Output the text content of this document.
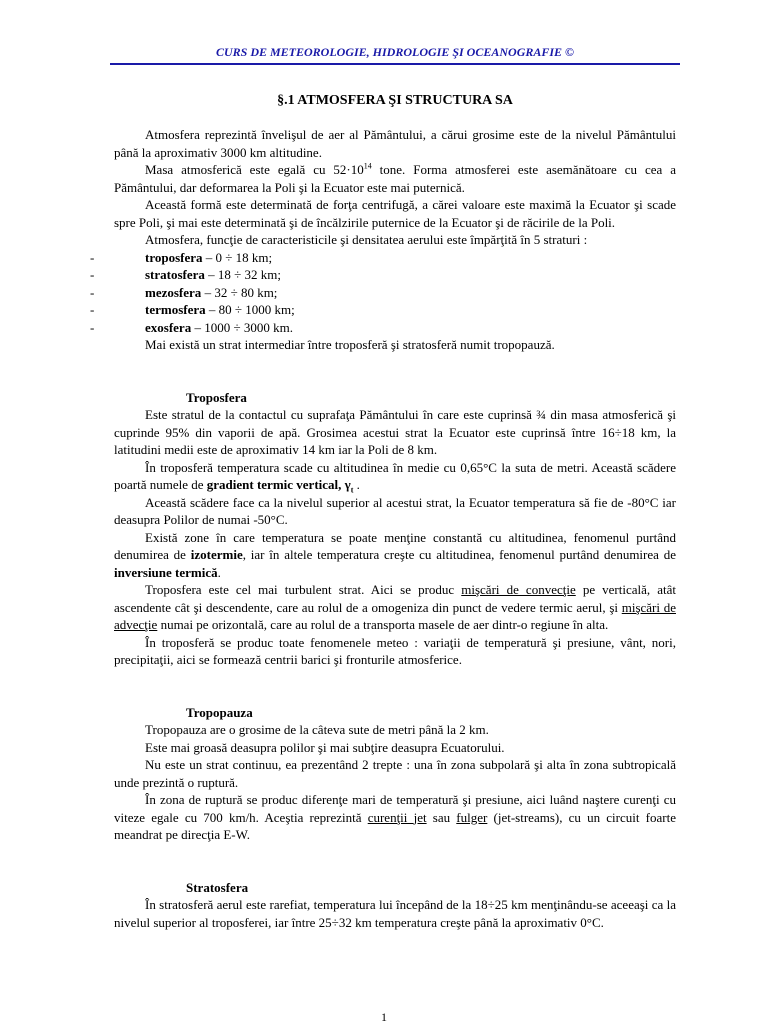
CURS DE METEOROLOGIE, HIDROLOGIE ŞI OCEANOGRAFIE ©
§.1 ATMOSFERA ŞI STRUCTURA SA

Atmosfera reprezintă învelişul de aer al Pământului, a cărui grosime este de la nivelul Pământului până la aproximativ 3000 km altitudine.

Masa atmosferică este egală cu $52\cdot 10^{14}$ tone. Forma atmosferei este asemănătoare cu cea a Pământului, dar deformarea la Poli şi la Ecuator este mai puternică.

Această formă este determinată de forţa centrifugă, a cărei valoare este maximă la Ecuator şi scade spre Poli, şi mai este determinată şi de încălzirile puternice de la Ecuator şi de răcirile de la Poli.

Atmosfera, funcţie de caracteristicile şi densitatea aerului este împărţită în 5 straturi :

-	troposfera – 0 ÷ 18 km;
-	stratosfera – 18 ÷ 32 km;
-	mezosfera – 32 ÷ 80 km;
-	termosfera – 80 ÷ 1000 km;
-	exosfera – 1000 ÷ 3000 km.

Mai există un strat intermediar între troposferă şi stratosferă numit tropopauză.

Troposfera

Este stratul de la contactul cu suprafaţa Pământului în care este cuprinsă ¾ din masa atmosferică şi cuprinde 95% din vaporii de apă. Grosimea acestui strat la Ecuator este cuprinsă între 16÷18 km, la latitudini medii este de aproximativ 14 km iar la Poli de 8 km.

În troposferă temperatura scade cu altitudinea în medie cu 0,65°C la suta de metri. Această scădere poartă numele de gradient termic vertical, $\gamma_t$ .

Această scădere face ca la nivelul superior al acestui strat, la Ecuator temperatura să fie de -80°C iar deasupra Polilor de numai -50°C.

Există zone în care temperatura se poate menţine constantă cu altitudinea, fenomenul purtând denumirea de izotermie, iar în altele temperatura creşte cu altitudinea, fenomenul purtând denumirea de inversiune termică.

Troposfera este cel mai turbulent strat. Aici se produc mişcări de convecţie pe verticală, atât ascendente cât şi descendente, care au rolul de a omogeniza din punct de vedere termic aerul, şi mişcări de advecţie numai pe orizontală, care au rolul de a transporta masele de aer dintr-o regiune în alta.

În troposferă se produc toate fenomenele meteo : variaţii de temperatură şi presiune, vânt, nori, precipitaţii, aici se formează centrii barici şi fronturile atmosferice.

Tropopauza

Tropopauza are o grosime de la câteva sute de metri până la 2 km.

Este mai groasă deasupra polilor şi mai subţire deasupra Ecuatorului.

Nu este un strat continuu, ea prezentând 2 trepte : una în zona subpolară şi alta în zona subtropicală unde prezintă o ruptură.

În zona de ruptură se produc diferenţe mari de temperatură şi presiune, aici luând naştere curenţi cu viteze egale cu 700 km/h. Aceştia reprezintă curenţii jet sau fulger (jet-streams), cu un circuit foarte meandrat pe direcţia E-W.

Stratosfera

În stratosferă aerul este rarefiat, temperatura lui începând de la 18÷25 km menţinându-se aceeaşi ca la nivelul superior al troposferei, iar între 25÷32 km temperatura creşte până la aproximativ 0°C.

1
